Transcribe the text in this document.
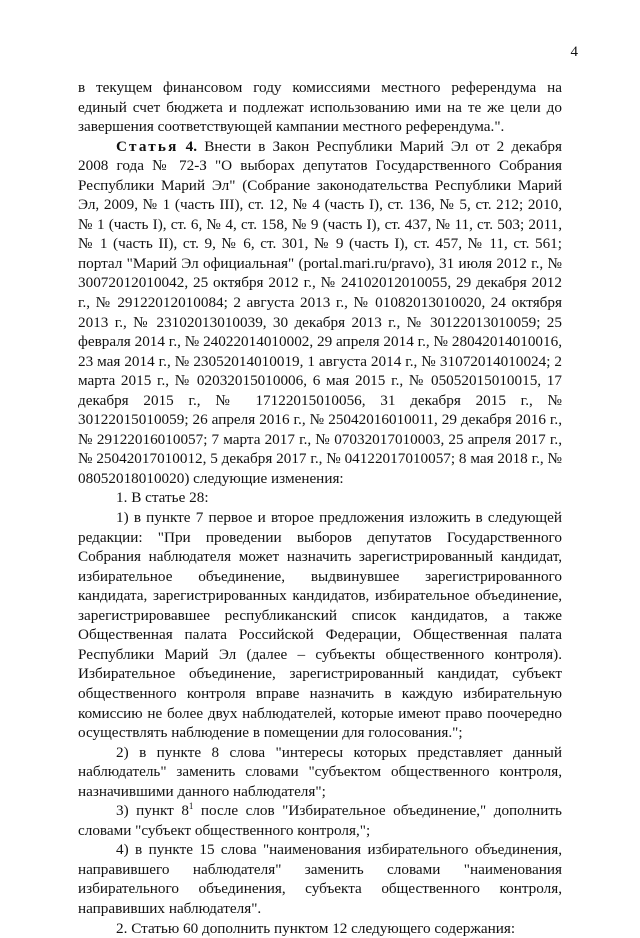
4

в текущем финансовом году комиссиями местного референдума на единый счет бюджета и подлежат использованию ими на те же цели до завершения соответствующей кампании местного референдума.".

Статья 4. Внести в Закон Республики Марий Эл от 2 декабря 2008 года № 72-З "О выборах депутатов Государственного Собрания Республики Марий Эл" (Собрание законодательства Республики Марий Эл, 2009, № 1 (часть III), ст. 12, № 4 (часть I), ст. 136, № 5, ст. 212; 2010, № 1 (часть I), ст. 6, № 4, ст. 158, № 9 (часть I), ст. 437, № 11, ст. 503; 2011, № 1 (часть II), ст. 9, № 6, ст. 301, № 9 (часть I), ст. 457, № 11, ст. 561; портал "Марий Эл официальная" (portal.mari.ru/pravo), 31 июля 2012 г., № 30072012010042, 25 октября 2012 г., № 24102012010055, 29 декабря 2012 г., № 29122012010084; 2 августа 2013 г., № 01082013010020, 24 октября 2013 г., № 23102013010039, 30 декабря 2013 г., № 30122013010059; 25 февраля 2014 г., № 24022014010002, 29 апреля 2014 г., № 28042014010016, 23 мая 2014 г., № 23052014010019, 1 августа 2014 г., № 31072014010024; 2 марта 2015 г., № 02032015010006, 6 мая 2015 г., № 05052015010015, 17 декабря 2015 г., № 17122015010056, 31 декабря 2015 г., № 30122015010059; 26 апреля 2016 г., № 25042016010011, 29 декабря 2016 г., № 29122016010057; 7 марта 2017 г., № 07032017010003, 25 апреля 2017 г., № 25042017010012, 5 декабря 2017 г., № 04122017010057; 8 мая 2018 г., № 08052018010020) следующие изменения:

1. В статье 28:

1) в пункте 7 первое и второе предложения изложить в следующей редакции: "При проведении выборов депутатов Государственного Собрания наблюдателя может назначить зарегистрированный кандидат, избирательное объединение, выдвинувшее зарегистрированного кандидата, зарегистрированных кандидатов, избирательное объединение, зарегистрировавшее республиканский список кандидатов, а также Общественная палата Российской Федерации, Общественная палата Республики Марий Эл (далее – субъекты общественного контроля). Избирательное объединение, зарегистрированный кандидат, субъект общественного контроля вправе назначить в каждую избирательную комиссию не более двух наблюдателей, которые имеют право поочередно осуществлять наблюдение в помещении для голосования.";

2) в пункте 8 слова "интересы которых представляет данный наблюдатель" заменить словами "субъектом общественного контроля, назначившими данного наблюдателя";

3) пункт $8^1$ после слов "Избирательное объединение," дополнить словами "субъект общественного контроля,";

4) в пункте 15 слова "наименования избирательного объединения, направившего наблюдателя" заменить словами "наименования избирательного объединения, субъекта общественного контроля, направивших наблюдателя".

2. Статью 60 дополнить пунктом 12 следующего содержания:
